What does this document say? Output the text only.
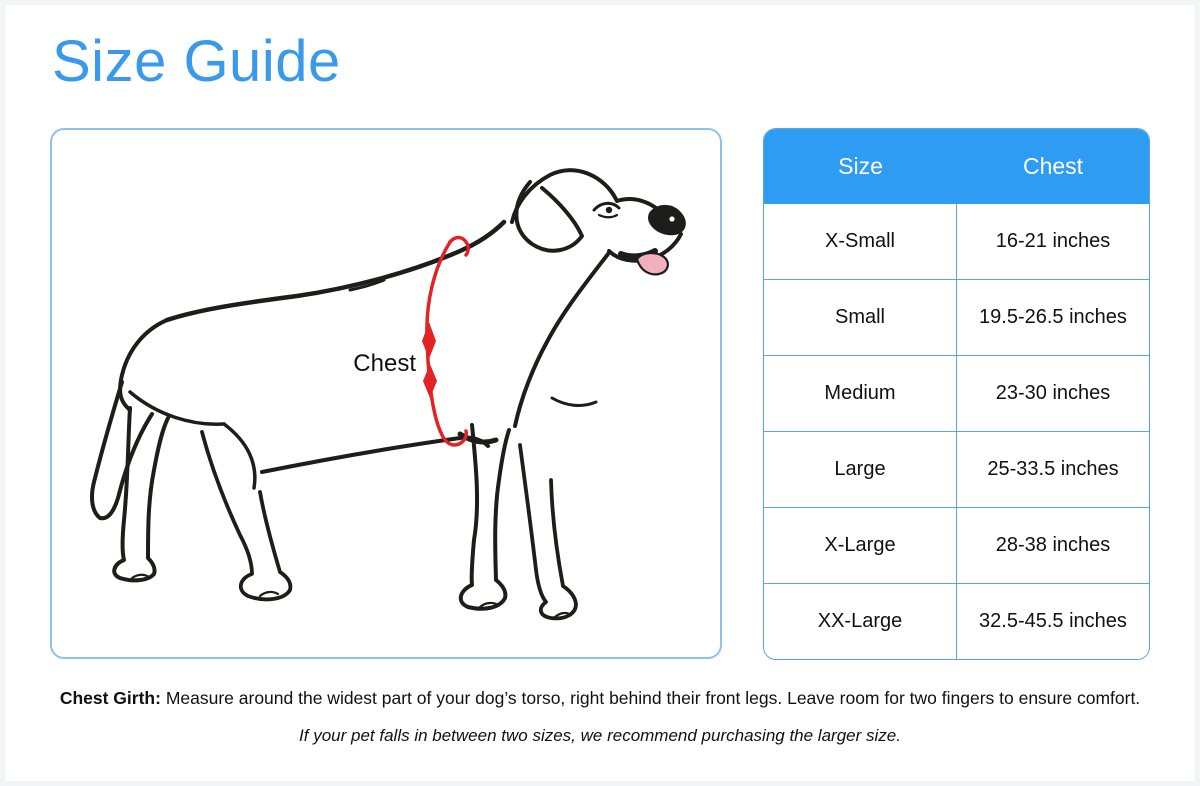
Size Guide
Chest
Size	Chest
X-Small	16-21 inches
Small	19.5-26.5 inches
Medium	23-30 inches
Large	25-33.5 inches
X-Large	28-38 inches
XX-Large	32.5-45.5 inches

Chest Girth: Measure around the widest part of your dog’s torso, right behind their front legs. Leave room for two fingers to ensure comfort.

If your pet falls in between two sizes, we recommend purchasing the larger size.
